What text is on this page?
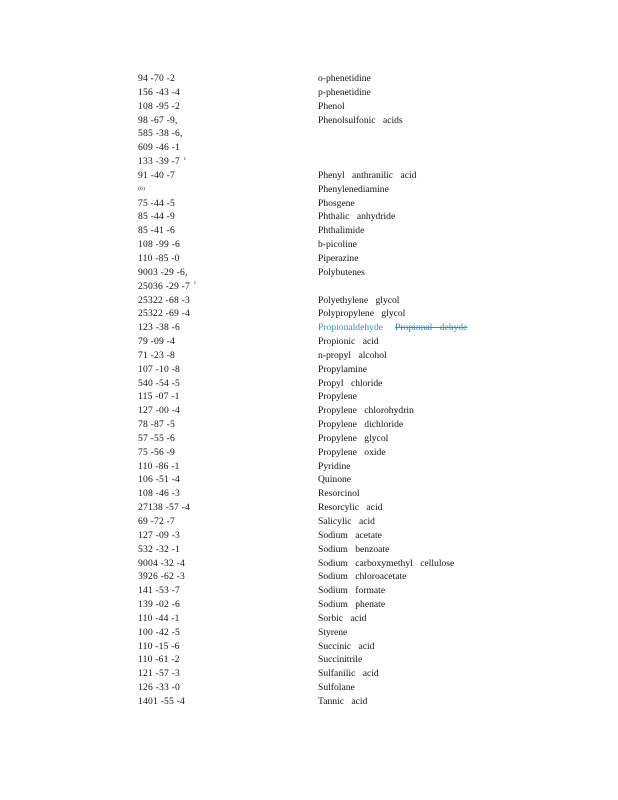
94 -70 -2	o-phenetidine
156 -43 -4	p-phenetidine
108 -95 -2	Phenol
98 -67 -9,	Phenolsulfonic acids
585 -38 -6,
609 -46 -1
133 -39 -7 $^c$
91 -40 -7	Phenyl anthranilic acid
(b)	Phenylenediamine
75 -44 -5	Phosgene
85 -44 -9	Phthalic anhydride
85 -41 -6	Phthalimide
108 -99 -6	b-picoline
110 -85 -0	Piperazine
9003 -29 -6,	Polybutenes
25036 -29 -7 $^c$
25322 -68 -3	Polyethylene glycol
25322 -69 -4	Polypropylene glycol
123 -38 -6	Propionaldehyde Propional dehyde
79 -09 -4	Propionic acid
71 -23 -8	n-propyl alcohol
107 -10 -8	Propylamine
540 -54 -5	Propyl chloride
115 -07 -1	Propylene
127 -00 -4	Propylene chlorohydrin
78 -87 -5	Propylene dichloride
57 -55 -6	Propylene glycol
75 -56 -9	Propylene oxide
110 -86 -1	Pyridine
106 -51 -4	Quinone
108 -46 -3	Resorcinol
27138 -57 -4	Resorcylic acid
69 -72 -7	Salicylic acid
127 -09 -3	Sodium acetate
532 -32 -1	Sodium benzoate
9004 -32 -4	Sodium carboxymethyl cellulose
3926 -62 -3	Sodium chloroacetate
141 -53 -7	Sodium formate
139 -02 -6	Sodium phenate
110 -44 -1	Sorbic acid
100 -42 -5	Styrene
110 -15 -6	Succinic acid
110 -61 -2	Succinitrile
121 -57 -3	Sulfanilic acid
126 -33 -0	Sulfolane
1401 -55 -4	Tannic acid
